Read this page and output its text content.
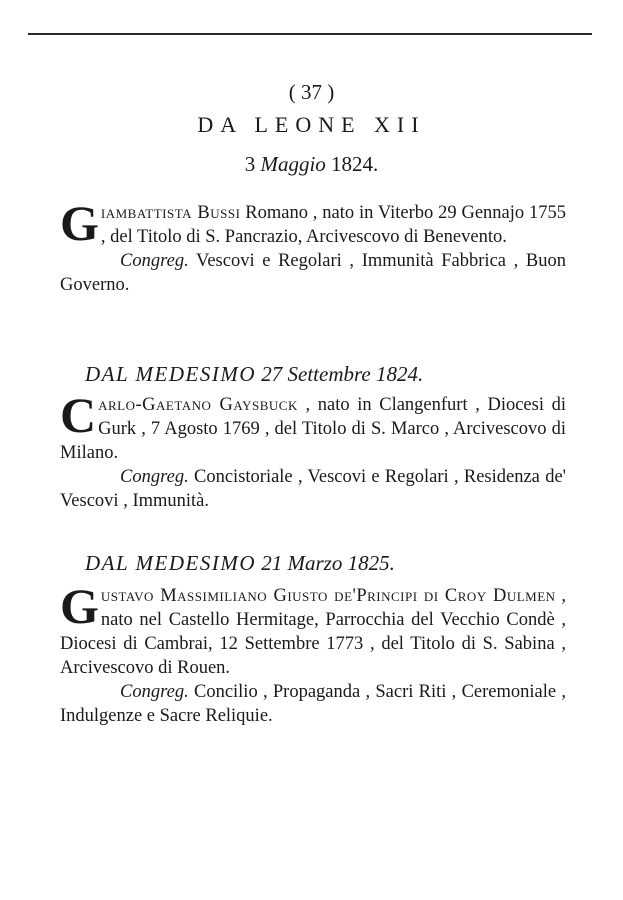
( 37 )
DA LEONE XII
3 Maggio 1824.

Giambattista Bussi Romano , nato in Viterbo 29 Gennajo 1755 , del Titolo di S. Pancrazio, Arcivescovo di Benevento.

Congreg. Vescovi e Regolari , Immunità Fabbrica , Buon Governo.

DAL MEDESIMO 27 Settembre 1824.

Carlo-Gaetano Gaysbuck , nato in Clangenfurt , Diocesi di Gurk , 7 Agosto 1769 , del Titolo di S. Marco , Arcivescovo di Milano.

Congreg. Concistoriale , Vescovi e Regolari , Residenza de' Vescovi , Immunità.

DAL MEDESIMO 21 Marzo 1825.

Gustavo Massimiliano Giusto de'Principi di Croy Dulmen , nato nel Castello Hermitage, Parrocchia del Vecchio Condè , Diocesi di Cambrai, 12 Settembre 1773 , del Titolo di S. Sabina , Arcivescovo di Rouen.

Congreg. Concilio , Propaganda , Sacri Riti , Ceremoniale , Indulgenze e Sacre Reliquie.
